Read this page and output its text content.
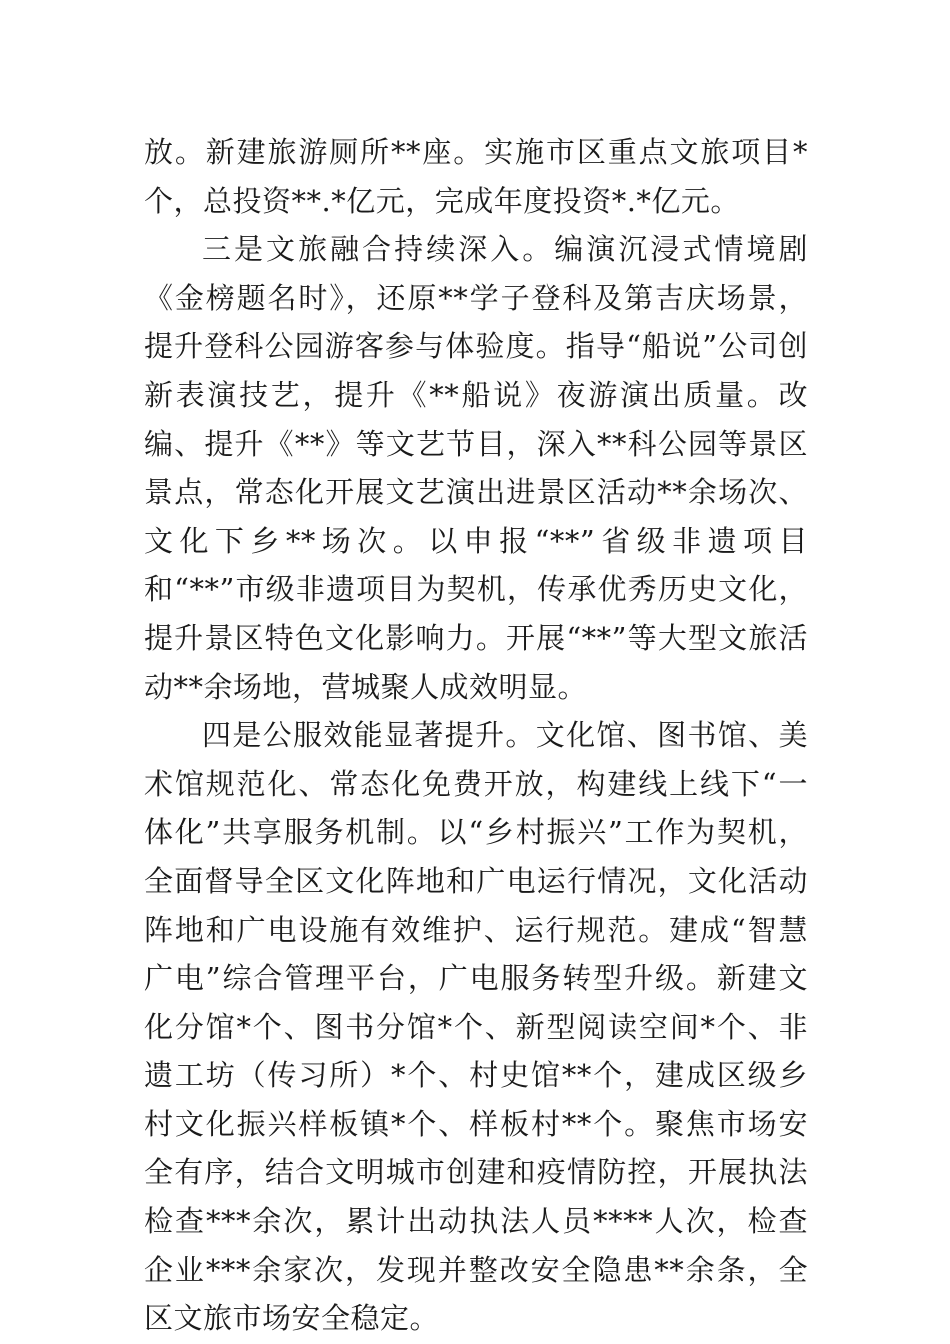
放。新建旅游厕所**座。实施市区重点文旅项目*个，总投资**.*亿元，完成年度投资*.*亿元。

三是文旅融合持续深入。编演沉浸式情境剧《金榜题名时》，还原**学子登科及第吉庆场景，提升登科公园游客参与体验度。指导“船说”公司创新表演技艺，提升《**船说》夜游演出质量。改编、提升《**》等文艺节目，深入**科公园等景区景点，常态化开展文艺演出进景区活动**余场次、文化下乡**场次。以申报“**”省级非遗项目和“**”市级非遗项目为契机，传承优秀历史文化，提升景区特色文化影响力。开展“**”等大型文旅活动**余场地，营城聚人成效明显。

四是公服效能显著提升。文化馆、图书馆、美术馆规范化、常态化免费开放，构建线上线下“一体化”共享服务机制。以“乡村振兴”工作为契机，全面督导全区文化阵地和广电运行情况，文化活动阵地和广电设施有效维护、运行规范。建成“智慧广电”综合管理平台，广电服务转型升级。新建文化分馆*个、图书分馆*个、新型阅读空间*个、非遗工坊（传习所）*个、村史馆**个，建成区级乡村文化振兴样板镇*个、样板村**个。聚焦市场安全有序，结合文明城市创建和疫情防控，开展执法检查***余次，累计出动执法人员****人次，检查企业***余家次，发现并整改安全隐患**余条，全区文旅市场安全稳定。
